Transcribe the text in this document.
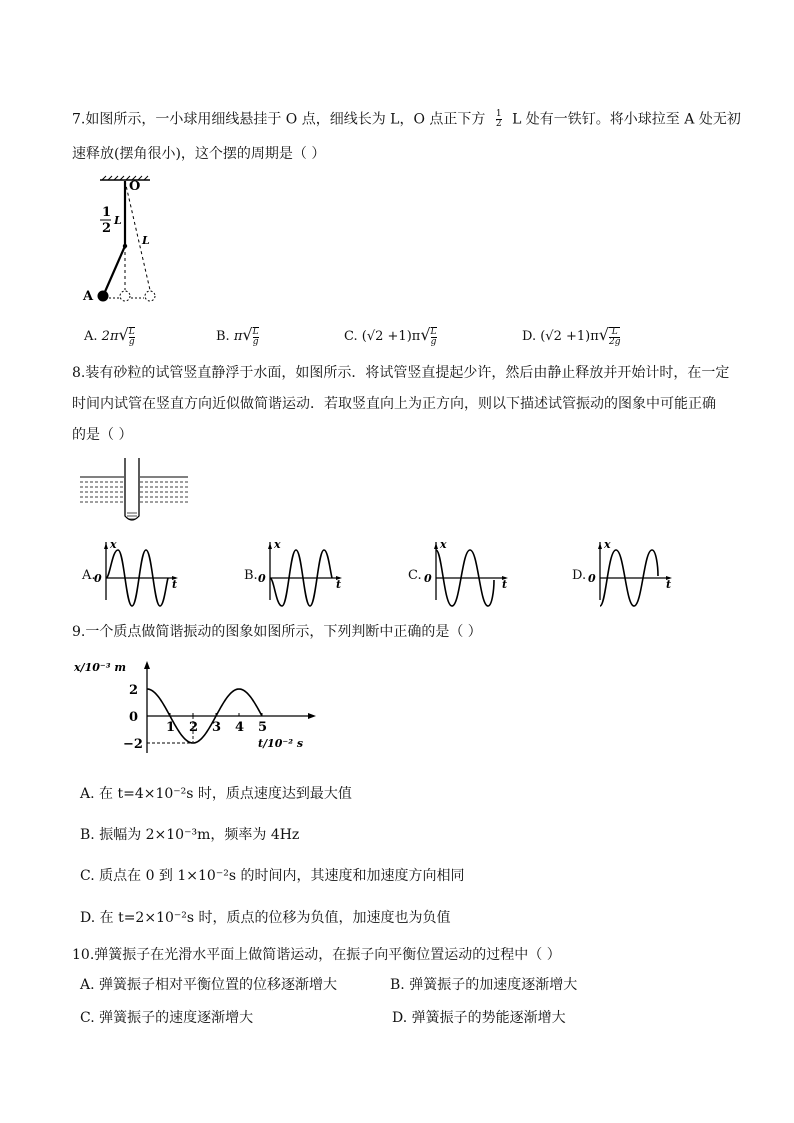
7.如图所示，一小球用细线悬挂于 O 点，细线长为 L，O 点正下方 $\frac{1}{2}$ L 处有一铁钉。将小球拉至 A 处无初
速释放(摆角很小)，这个摆的周期是（ ）
O
A
1
2
L
L
A. $2\pi√ \frac{L}{g}$	B. $\pi√ \frac{L}{g}$	C. $(√2 +1)\pi√ \frac{L}{g}$	D. $(√2 +1)\pi√ \frac{L}{2g}$
8.装有砂粒的试管竖直静浮于水面，如图所示．将试管竖直提起少许，然后由静止释放并开始计时，在一定
时间内试管在竖直方向近似做简谐运动．若取竖直向上为正方向，则以下描述试管振动的图象中可能正确
的是（ ）
A.
x
t
0	B.
x
t
0	C.
x
t
0	D.
x
t
0
9.一个质点做简谐振动的图象如图所示，下列判断中正确的是（ ）
x/10⁻³ m
t/10⁻² s
1 2 3 4 5
2
0
−2
A. 在 t=4×10⁻²s 时，质点速度达到最大值
B. 振幅为 2×10⁻³m，频率为 4Hz
C. 质点在 0 到 1×10⁻²s 的时间内，其速度和加速度方向相同
D. 在 t=2×10⁻²s 时，质点的位移为负值，加速度也为负值
10.弹簧振子在光滑水平面上做简谐运动，在振子向平衡位置运动的过程中（ ）
A. 弹簧振子相对平衡位置的位移逐渐增大	B. 弹簧振子的加速度逐渐增大
C. 弹簧振子的速度逐渐增大	D. 弹簧振子的势能逐渐增大
